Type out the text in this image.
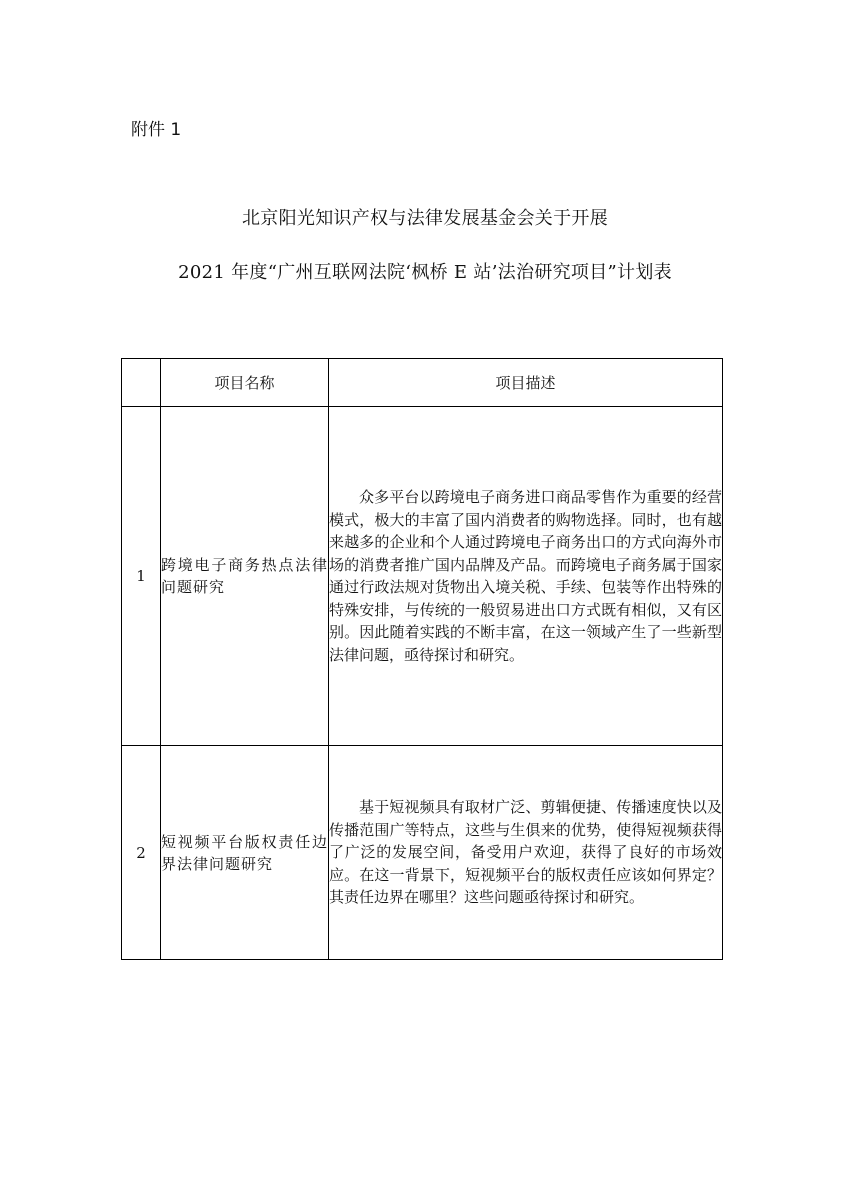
附件 1
北京阳光知识产权与法律发展基金会关于开展
2021 年度“广州互联网法院‘枫桥 E 站’法治研究项目”计划表
	项目名称	项目描述
1	跨境电子商务热点法律问题研究	众多平台以跨境电子商务进口商品零售作为重要的经营模式，极大的丰富了国内消费者的购物选择。同时，也有越来越多的企业和个人通过跨境电子商务出口的方式向海外市场的消费者推广国内品牌及产品。而跨境电子商务属于国家通过行政法规对货物出入境关税、手续、包装等作出特殊的特殊安排，与传统的一般贸易进出口方式既有相似，又有区别。因此随着实践的不断丰富，在这一领域产生了一些新型法律问题，亟待探讨和研究。
2	短视频平台版权责任边界法律问题研究	基于短视频具有取材广泛、剪辑便捷、传播速度快以及传播范围广等特点，这些与生俱来的优势，使得短视频获得了广泛的发展空间，备受用户欢迎，获得了良好的市场效应。在这一背景下，短视频平台的版权责任应该如何界定？其责任边界在哪里？这些问题亟待探讨和研究。
